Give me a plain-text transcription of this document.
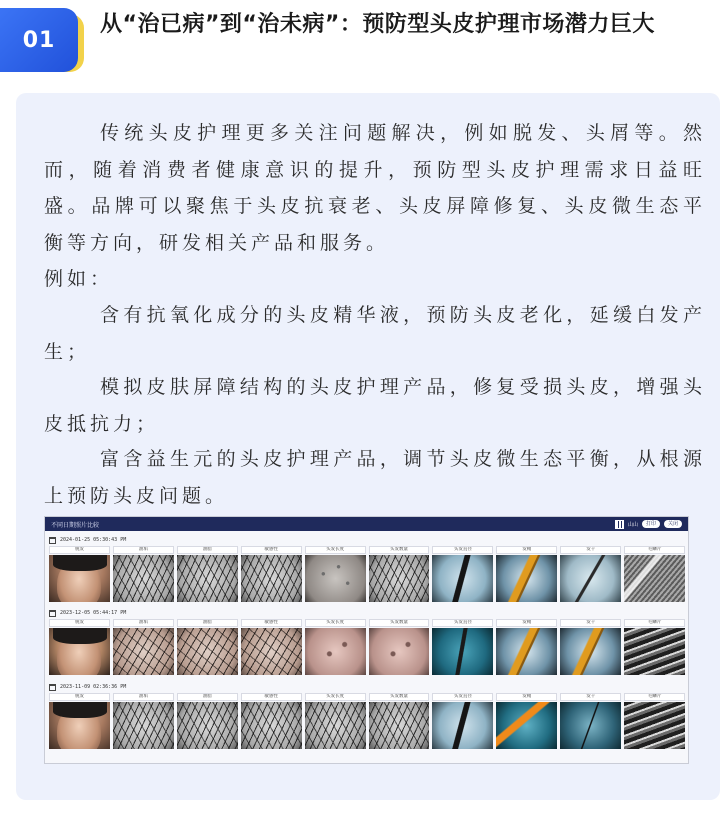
01
从“治已病”到“治未病”：预防型头皮护理市场潜力巨大

传统头皮护理更多关注问题解决，例如脱发、头屑等。然而，随着消费者健康意识的提升，预防型头皮护理需求日益旺盛。品牌可以聚焦于头皮抗衰老、头皮屏障修复、头皮微生态平衡等方向，研发相关产品和服务。

例如：

含有抗氧化成分的头皮精华液，预防头皮老化，延缓白发产生；

模拟皮肤屏障结构的头皮护理产品，修复受损头皮，增强头皮抵抗力；

富含益生元的头皮护理产品，调节头皮微生态平衡，从根源上预防头皮问题。

不同日期照片比较	山山	打印	关闭
2024-01-25 05:30:43 PM
脱发	油垢	油脂	敏感性	头发长度	头发数量	头发直径	发鞘	发干	毛鳞片
2023-12-05 05:44:17 PM
脱发	油垢	油脂	敏感性	头发长度	头发数量	头发直径	发鞘	发干	毛鳞片
2023-11-09 02:36:36 PM
脱发	油垢	油脂	敏感性	头发长度	头发数量	头发直径	发鞘	发干	毛鳞片
